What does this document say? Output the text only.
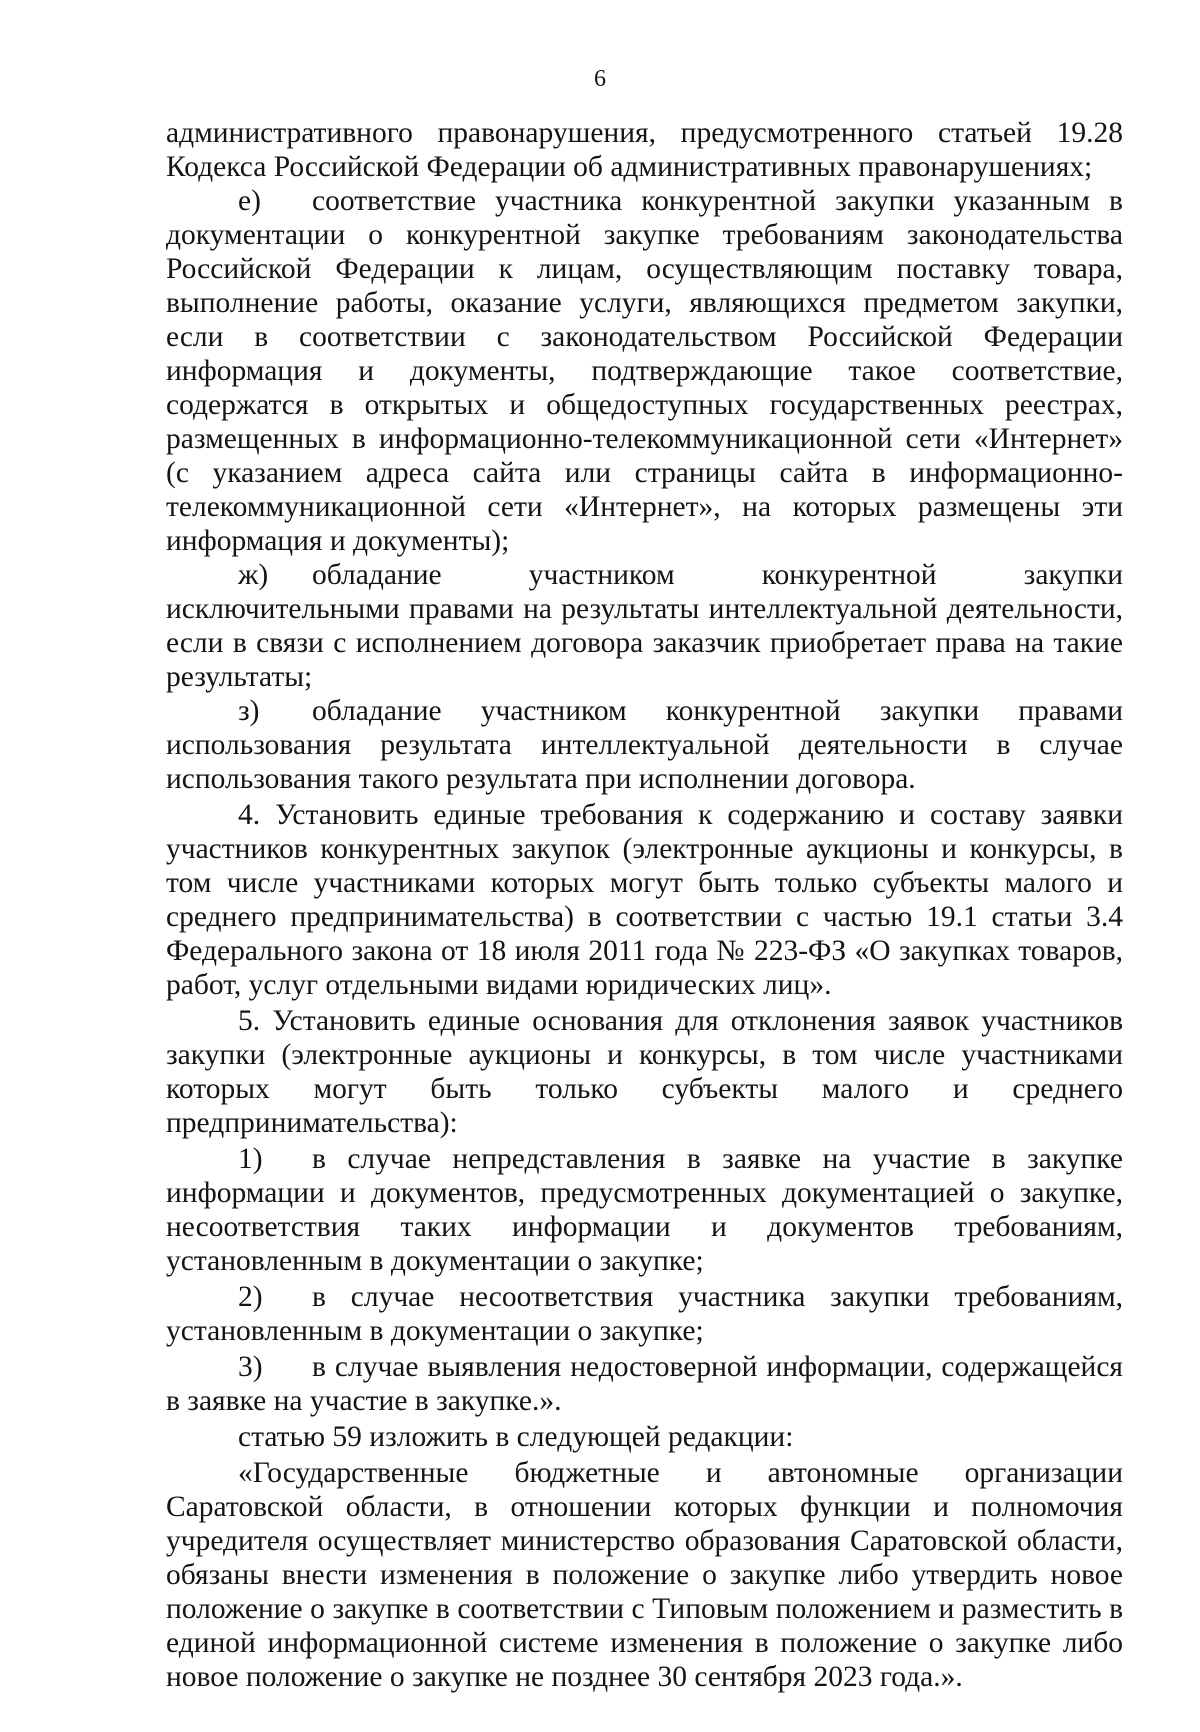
6

административного правонарушения, предусмотренного статьей 19.28 Кодекса Российской Федерации об административных правонарушениях;

е) соответствие участника конкурентной закупки указанным в документации о конкурентной закупке требованиям законодательства Российской Федерации к лицам, осуществляющим поставку товара, выполнение работы, оказание услуги, являющихся предметом закупки, если в соответствии с законодательством Российской Федерации информация и документы, подтверждающие такое соответствие, содержатся в открытых и общедоступных государственных реестрах, размещенных в информационно-телекоммуникационной сети «Интернет» (с указанием адреса сайта или страницы сайта в информационно-телекоммуникационной сети «Интернет», на которых размещены эти информация и документы);

ж) обладание участником конкурентной закупки исключительными правами на результаты интеллектуальной деятельности, если в связи с исполнением договора заказчик приобретает права на такие результаты;

з) обладание участником конкурентной закупки правами использования результата интеллектуальной деятельности в случае использования такого результата при исполнении договора.

4. Установить единые требования к содержанию и составу заявки участников конкурентных закупок (электронные аукционы и конкурсы, в том числе участниками которых могут быть только субъекты малого и среднего предпринимательства) в соответствии с частью 19.1 статьи 3.4 Федерального закона от 18 июля 2011 года № 223-ФЗ «О закупках товаров, работ, услуг отдельными видами юридических лиц».

5. Установить единые основания для отклонения заявок участников закупки (электронные аукционы и конкурсы, в том числе участниками которых могут быть только субъекты малого и среднего предпринимательства):

1) в случае непредставления в заявке на участие в закупке информации и документов, предусмотренных документацией о закупке, несоответствия таких информации и документов требованиям, установленным в документации о закупке;

2) в случае несоответствия участника закупки требованиям, установленным в документации о закупке;

3) в случае выявления недостоверной информации, содержащейся в заявке на участие в закупке.».

статью 59 изложить в следующей редакции:

«Государственные бюджетные и автономные организации Саратовской области, в отношении которых функции и полномочия учредителя осуществляет министерство образования Саратовской области, обязаны внести изменения в положение о закупке либо утвердить новое положение о закупке в соответствии с Типовым положением и разместить в единой информационной системе изменения в положение о закупке либо новое положение о закупке не позднее 30 сентября 2023 года.».
